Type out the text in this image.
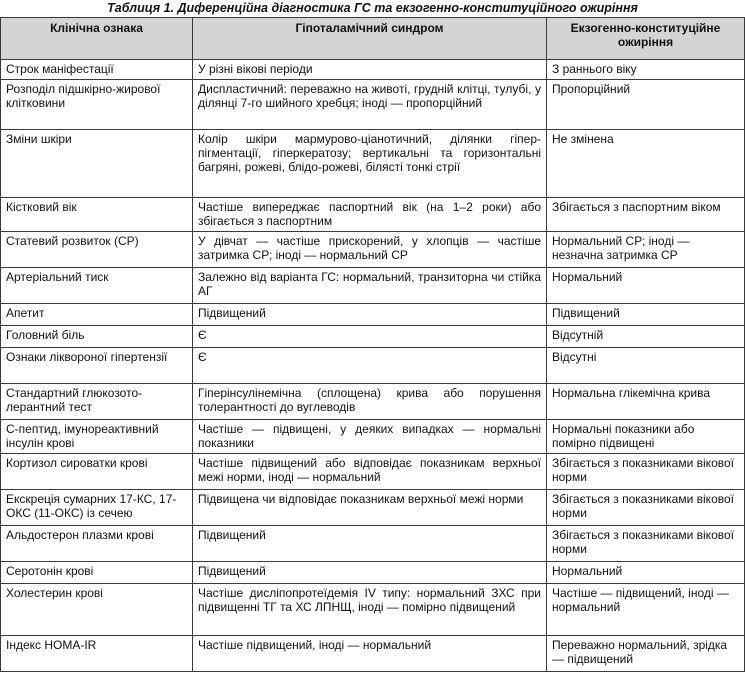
Таблиця 1. Диференційна діагностика ГС та екзогенно-конституційного ожиріння
Клінічна ознака	Гіпоталамічний синдром	Екзогенно-конституційне ожиріння
Строк маніфестації	У різні вікові періоди	З раннього віку
Розподіл підшкірно-жирової клітковини	Диспластичний: переважно на животі, грудній клітці, тулубі, у ділянці 7-го шийного хребця; іноді — пропорційний	Пропорційний
Зміни шкіри	Колір шкіри мармурово-ціанотичний, ділянки гіперпігментації, гіперкератозу; вертикальні та горизонтальні багряні, рожеві, блідо-рожеві, білясті тонкі стрії	Не змінена
Кістковий вік	Частіше випереджає паспортний вік (на 1–2 роки) або збігається з паспортним	Збігається з паспортним віком
Статевий розвиток (СР)	У дівчат — частіше прискорений, у хлопців — частіше затримка СР; іноді — нормальний СР	Нормальний СР; іноді — незначна затримка СР
Артеріальний тиск	Залежно від варіанта ГС: нормальний, транзиторна чи стійка АГ	Нормальний
Апетит	Підвищений	Підвищений
Головний біль	Є	Відсутній
Ознаки ліквороної гіпертензії	Є	Відсутні
Стандартний глюкозотолерантний тест	Гіперінсулінемічна (сплощена) крива або порушення толерантності до вуглеводів	Нормальна глікемічна крива
С-пептид, імунореактивний інсулін крові	Частіше — підвищені, у деяких випадках — нормальні показники	Нормальні показники або помірно підвищені
Кортизол сироватки крові	Частіше підвищений або відповідає показникам верхньої межі норми, іноді — нормальний	Збігається з показниками вікової норми
Екскреція сумарних 17-КС, 17-ОКС (11-ОКС) із сечею	Підвищена чи відповідає показникам верхньої межі норми	Збігається з показниками вікової норми
Альдостерон плазми крові	Підвищений	Збігається з показниками вікової норми
Серотонін крові	Підвищений	Нормальний
Холестерин крові	Частіше дисліпопротеїдемія IV типу: нормальний ЗХС при підвищенні ТГ та ХС ЛПНЩ, іноді — помірно підвищений	Частіше — підвищений, іноді — нормальний
Індекс HOMA-IR	Частіше підвищений, іноді — нормальний	Переважно нормальний, зрідка — підвищений
